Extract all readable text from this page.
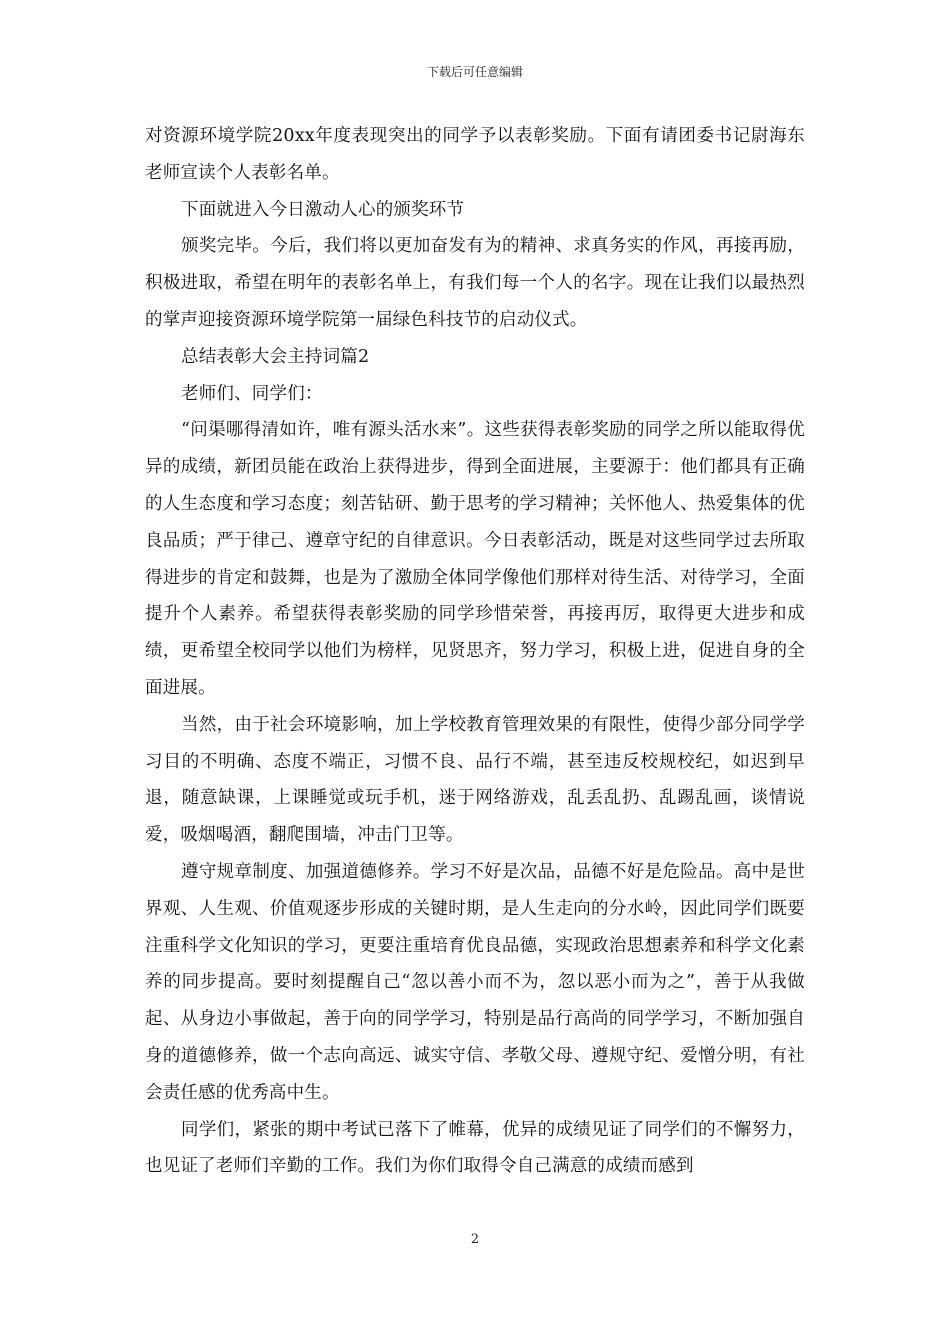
下载后可任意编辑

对资源环境学院20xx年度表现突出的同学予以表彰奖励。下面有请团委书记尉海东老师宣读个人表彰名单。

下面就进入今日激动人心的颁奖环节

颁奖完毕。今后，我们将以更加奋发有为的精神、求真务实的作风，再接再励，积极进取，希望在明年的表彰名单上，有我们每一个人的名字。现在让我们以最热烈的掌声迎接资源环境学院第一届绿色科技节的启动仪式。

总结表彰大会主持词篇2

老师们、同学们：

“问渠哪得清如许，唯有源头活水来”。这些获得表彰奖励的同学之所以能取得优异的成绩，新团员能在政治上获得进步，得到全面进展，主要源于：他们都具有正确的人生态度和学习态度；刻苦钻研、勤于思考的学习精神；关怀他人、热爱集体的优良品质；严于律己、遵章守纪的自律意识。今日表彰活动，既是对这些同学过去所取得进步的肯定和鼓舞，也是为了激励全体同学像他们那样对待生活、对待学习，全面提升个人素养。希望获得表彰奖励的同学珍惜荣誉，再接再厉，取得更大进步和成绩，更希望全校同学以他们为榜样，见贤思齐，努力学习，积极上进，促进自身的全面进展。

当然，由于社会环境影响，加上学校教育管理效果的有限性，使得少部分同学学习目的不明确、态度不端正，习惯不良、品行不端，甚至违反校规校纪，如迟到早退，随意缺课，上课睡觉或玩手机，迷于网络游戏，乱丢乱扔、乱踢乱画，谈情说爱，吸烟喝酒，翻爬围墙，冲击门卫等。

遵守规章制度、加强道德修养。学习不好是次品，品德不好是危险品。高中是世界观、人生观、价值观逐步形成的关键时期，是人生走向的分水岭，因此同学们既要注重科学文化知识的学习，更要注重培育优良品德，实现政治思想素养和科学文化素养的同步提高。要时刻提醒自己“忽以善小而不为，忽以恶小而为之”，善于从我做起、从身边小事做起，善于向的同学学习，特别是品行高尚的同学学习，不断加强自身的道德修养，做一个志向高远、诚实守信、孝敬父母、遵规守纪、爱憎分明，有社会责任感的优秀高中生。

同学们，紧张的期中考试已落下了帷幕，优异的成绩见证了同学们的不懈努力，也见证了老师们辛勤的工作。我们为你们取得令自己满意的成绩而感到

2
